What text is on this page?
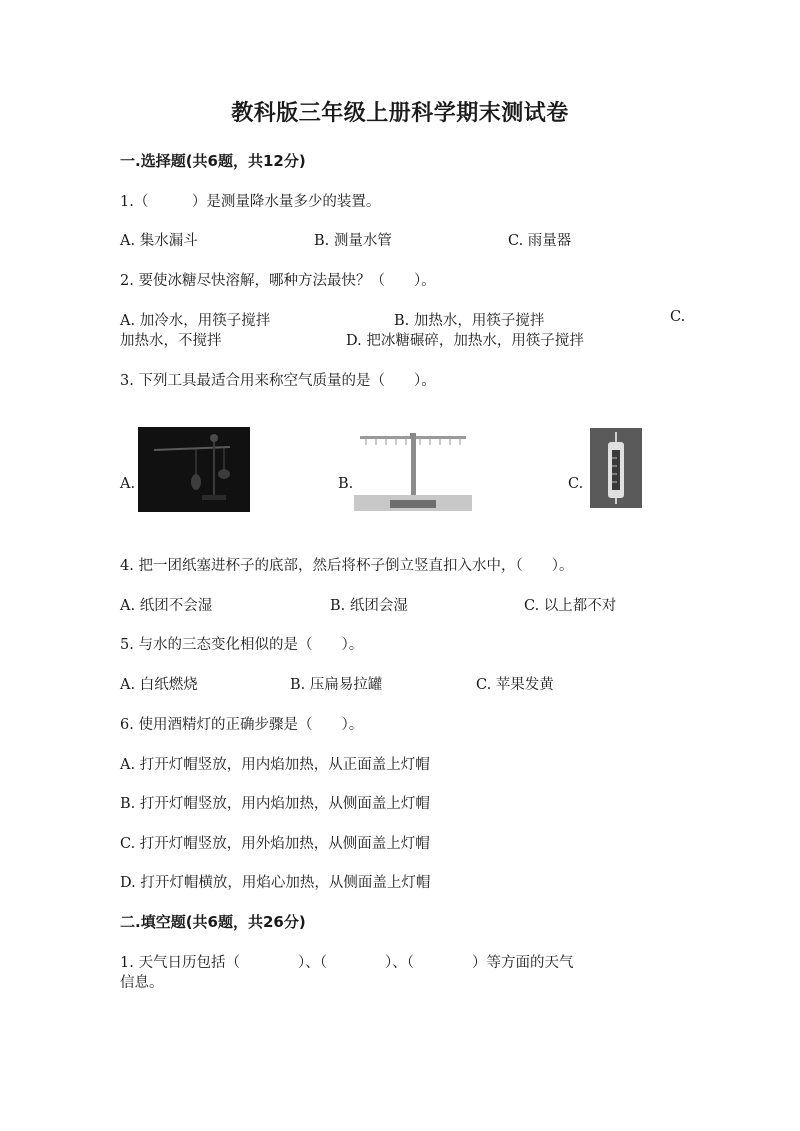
教科版三年级上册科学期末测试卷
一.选择题(共6题，共12分)
1.（　　　）是测量降水量多少的装置。
A. 集水漏斗	B. 测量水管	C. 雨量器
2. 要使冰糖尽快溶解，哪种方法最快？（　　）。
A. 加冷水，用筷子搅拌	B. 加热水，用筷子搅拌	C.
加热水，不搅拌	D. 把冰糖碾碎，加热水，用筷子搅拌
3. 下列工具最适合用来称空气质量的是（　　）。
A.	B.	C.
4. 把一团纸塞进杯子的底部，然后将杯子倒立竖直扣入水中，（　　）。
A. 纸团不会湿	B. 纸团会湿	C. 以上都不对
5. 与水的三态变化相似的是（　　）。
A. 白纸燃烧	B. 压扁易拉罐	C. 苹果发黄
6. 使用酒精灯的正确步骤是（　　）。
A. 打开灯帽竖放，用内焰加热，从正面盖上灯帽
B. 打开灯帽竖放，用内焰加热，从侧面盖上灯帽
C. 打开灯帽竖放，用外焰加热，从侧面盖上灯帽
D. 打开灯帽横放，用焰心加热，从侧面盖上灯帽
二.填空题(共6题，共26分)
1. 天气日历包括（　　　　）、（　　　　）、（　　　　）等方面的天气
信息。
